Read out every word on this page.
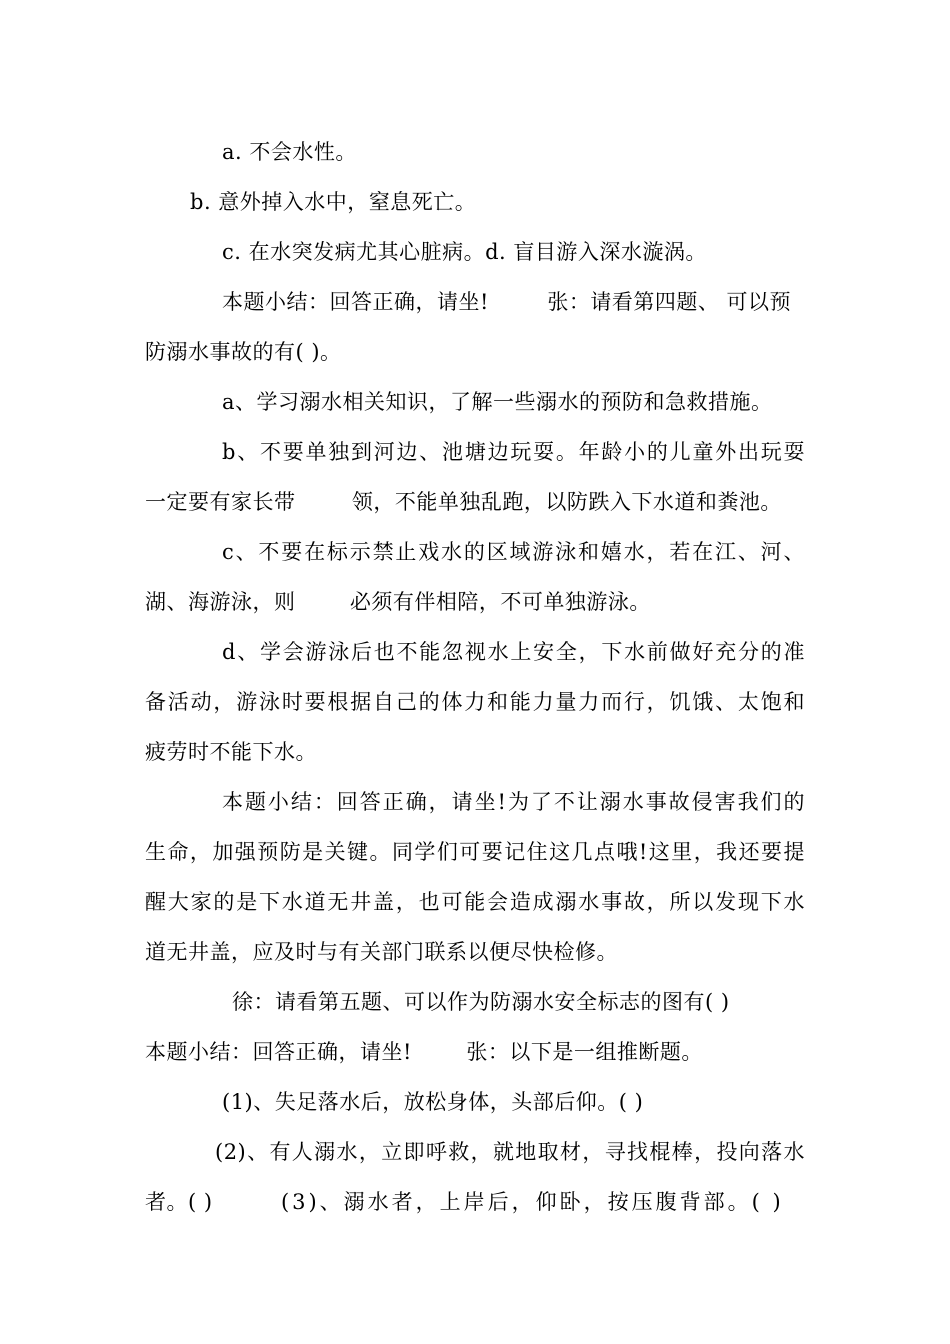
a. 不会水性。
b. 意外掉入水中，窒息死亡。
c. 在水突发病尤其心脏病。d. 盲目游入深水漩涡。
本题小结：回答正确，请坐!	张：请看第四题、 可以预
防溺水事故的有( )。
a、学习溺水相关知识，了解一些溺水的预防和急救措施。
b、不要单独到河边、池塘边玩耍。年龄小的儿童外出玩耍
一定要有家长带	领，不能单独乱跑，以防跌入下水道和粪池。
c、不要在标示禁止戏水的区域游泳和嬉水，若在江、河、
湖、海游泳，则	必须有伴相陪，不可单独游泳。
d、学会游泳后也不能忽视水上安全，下水前做好充分的准
备活动，游泳时要根据自己的体力和能力量力而行，饥饿、太饱和
疲劳时不能下水。
本题小结：回答正确，请坐!为了不让溺水事故侵害我们的
生命，加强预防是关键。同学们可要记住这几点哦!这里，我还要提
醒大家的是下水道无井盖，也可能会造成溺水事故，所以发现下水
道无井盖，应及时与有关部门联系以便尽快检修。
徐：请看第五题、可以作为防溺水安全标志的图有( )
本题小结：回答正确，请坐!	张：以下是一组推断题。
(1)、失足落水后，放松身体，头部后仰。( )
(2)、有人溺水，立即呼救，就地取材，寻找棍棒，投向落水
者。( )	(3)、溺水者，上岸后，仰卧，按压腹背部。( )
